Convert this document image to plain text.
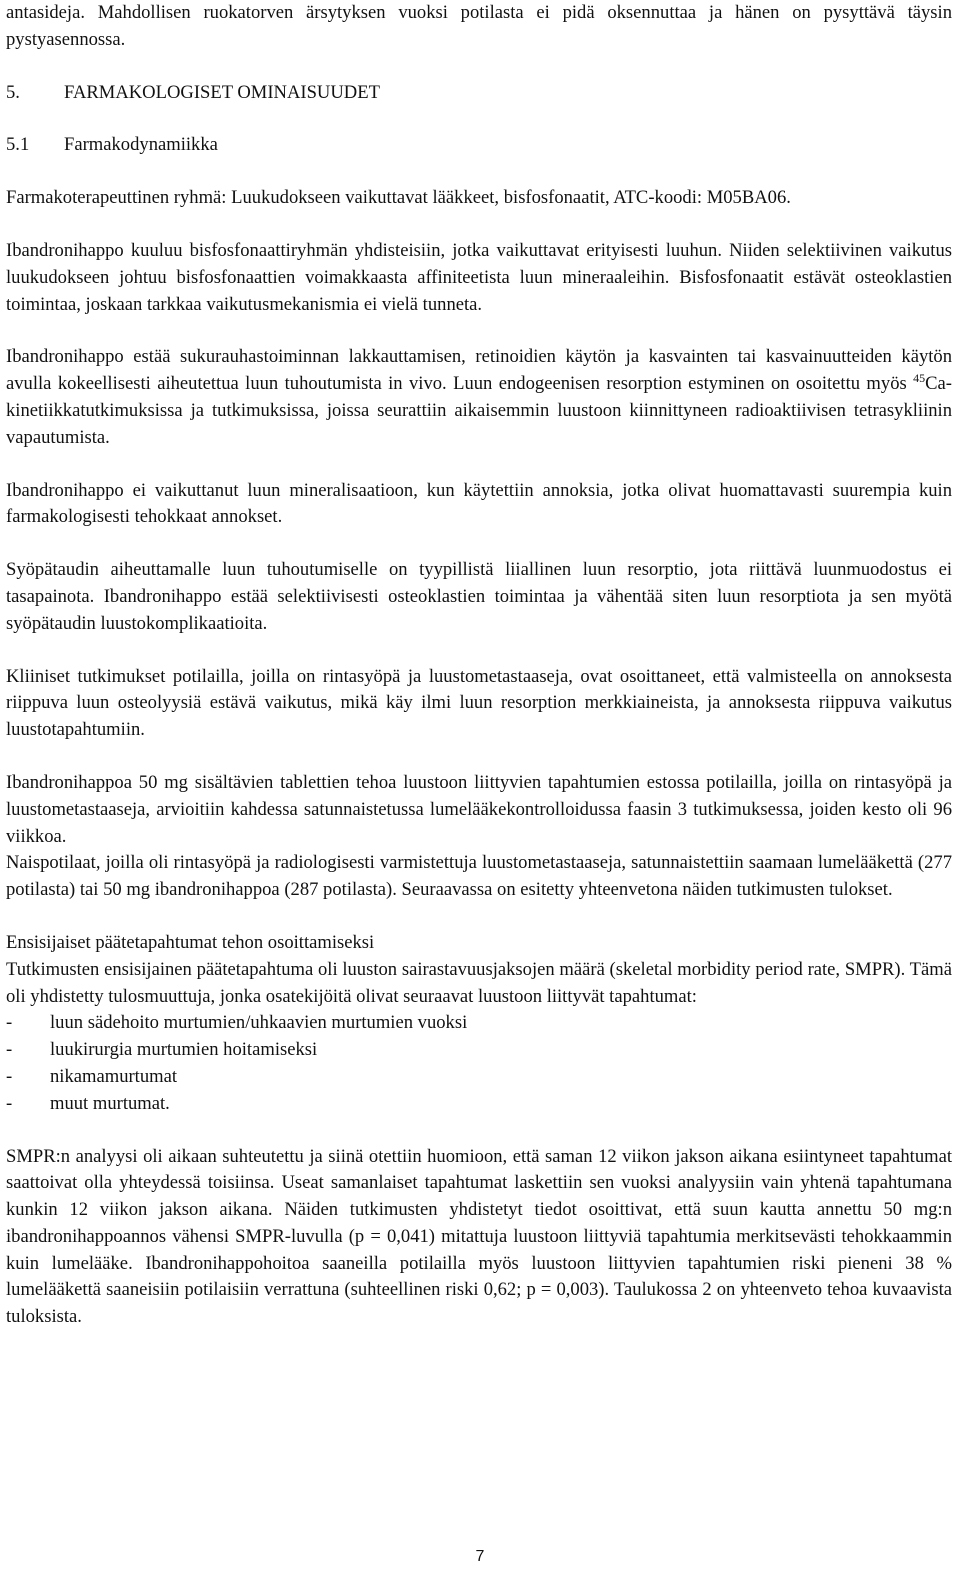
antasideja. Mahdollisen ruokatorven ärsytyksen vuoksi potilasta ei pidä oksennuttaa ja hänen on pysyttävä täysin pystyasennossa.

5. FARMAKOLOGISET OMINAISUUDET
5.1 Farmakodynamiikka

Farmakoterapeuttinen ryhmä: Luukudokseen vaikuttavat lääkkeet, bisfosfonaatit, ATC-koodi: M05BA06.

Ibandronihappo kuuluu bisfosfonaattiryhmän yhdisteisiin, jotka vaikuttavat erityisesti luuhun. Niiden selektiivinen vaikutus luukudokseen johtuu bisfosfonaattien voimakkaasta affiniteetista luun mineraaleihin. Bisfosfonaatit estävät osteoklastien toimintaa, joskaan tarkkaa vaikutusmekanismia ei vielä tunneta.

Ibandronihappo estää sukurauhastoiminnan lakkauttamisen, retinoidien käytön ja kasvainten tai kasvainuutteiden käytön avulla kokeellisesti aiheutettua luun tuhoutumista in vivo. Luun endogeenisen resorption estyminen on osoitettu myös $^{45}$Ca-kinetiikkatutkimuksissa ja tutkimuksissa, joissa seurattiin aikaisemmin luustoon kiinnittyneen radioaktiivisen tetrasykliinin vapautumista.

Ibandronihappo ei vaikuttanut luun mineralisaatioon, kun käytettiin annoksia, jotka olivat huomattavasti suurempia kuin farmakologisesti tehokkaat annokset.

Syöpätaudin aiheuttamalle luun tuhoutumiselle on tyypillistä liiallinen luun resorptio, jota riittävä luunmuodostus ei tasapainota. Ibandronihappo estää selektiivisesti osteoklastien toimintaa ja vähentää siten luun resorptiota ja sen myötä syöpätaudin luustokomplikaatioita.

Kliiniset tutkimukset potilailla, joilla on rintasyöpä ja luustometastaaseja, ovat osoittaneet, että valmisteella on annoksesta riippuva luun osteolyysiä estävä vaikutus, mikä käy ilmi luun resorption merkkiaineista, ja annoksesta riippuva vaikutus luustotapahtumiin.

Ibandronihappoa 50 mg sisältävien tablettien tehoa luustoon liittyvien tapahtumien estossa potilailla, joilla on rintasyöpä ja luustometastaaseja, arvioitiin kahdessa satunnaistetussa lumelääkekontrolloidussa faasin 3 tutkimuksessa, joiden kesto oli 96 viikkoa.

Naispotilaat, joilla oli rintasyöpä ja radiologisesti varmistettuja luustometastaaseja, satunnaistettiin saamaan lumelääkettä (277 potilasta) tai 50 mg ibandronihappoa (287 potilasta). Seuraavassa on esitetty yhteenvetona näiden tutkimusten tulokset.

Ensisijaiset päätetapahtumat tehon osoittamiseksi

Tutkimusten ensisijainen päätetapahtuma oli luuston sairastavuusjaksojen määrä (skeletal morbidity period rate, SMPR). Tämä oli yhdistetty tulosmuuttuja, jonka osatekijöitä olivat seuraavat luustoon liittyvät tapahtumat:

-	luun sädehoito murtumien/uhkaavien murtumien vuoksi
-	luukirurgia murtumien hoitamiseksi
-	nikamamurtumat
-	muut murtumat.

SMPR:n analyysi oli aikaan suhteutettu ja siinä otettiin huomioon, että saman 12 viikon jakson aikana esiintyneet tapahtumat saattoivat olla yhteydessä toisiinsa. Useat samanlaiset tapahtumat laskettiin sen vuoksi analyysiin vain yhtenä tapahtumana kunkin 12 viikon jakson aikana. Näiden tutkimusten yhdistetyt tiedot osoittivat, että suun kautta annettu 50 mg:n ibandronihappoannos vähensi SMPR-luvulla (p = 0,041) mitattuja luustoon liittyviä tapahtumia merkitsevästi tehokkaammin kuin lumelääke. Ibandronihappohoitoa saaneilla potilailla myös luustoon liittyvien tapahtumien riski pieneni 38 % lumelääkettä saaneisiin potilaisiin verrattuna (suhteellinen riski 0,62; p = 0,003). Taulukossa 2 on yhteenveto tehoa kuvaavista tuloksista.

7
